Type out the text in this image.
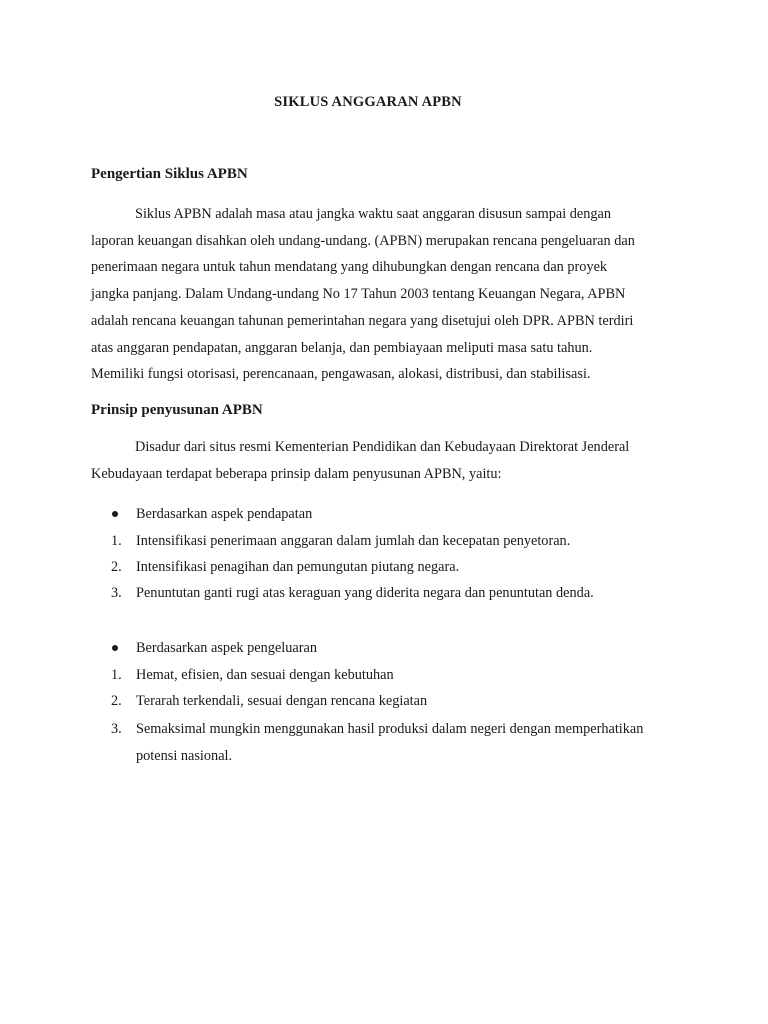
SIKLUS ANGGARAN APBN
Pengertian Siklus APBN
Siklus APBN adalah masa atau jangka waktu saat anggaran disusun sampai dengan
laporan keuangan disahkan oleh undang-undang. (APBN) merupakan rencana pengeluaran dan
penerimaan negara untuk tahun mendatang yang dihubungkan dengan rencana dan proyek
jangka panjang. Dalam Undang-undang No 17 Tahun 2003 tentang Keuangan Negara, APBN
adalah rencana keuangan tahunan pemerintahan negara yang disetujui oleh DPR. APBN terdiri
atas anggaran pendapatan, anggaran belanja, dan pembiayaan meliputi masa satu tahun.
Memiliki fungsi otorisasi, perencanaan, pengawasan, alokasi, distribusi, dan stabilisasi.
Prinsip penyusunan APBN
Disadur dari situs resmi Kementerian Pendidikan dan Kebudayaan Direktorat Jenderal
Kebudayaan terdapat beberapa prinsip dalam penyusunan APBN, yaitu:
Berdasarkan aspek pendapatan
1. Intensifikasi penerimaan anggaran dalam jumlah dan kecepatan penyetoran.
2. Intensifikasi penagihan dan pemungutan piutang negara.
3. Penuntutan ganti rugi atas keraguan yang diderita negara dan penuntutan denda.
Berdasarkan aspek pengeluaran
1. Hemat, efisien, dan sesuai dengan kebutuhan
2. Terarah terkendali, sesuai dengan rencana kegiatan
3. Semaksimal mungkin menggunakan hasil produksi dalam negeri dengan memperhatikan
potensi nasional.
